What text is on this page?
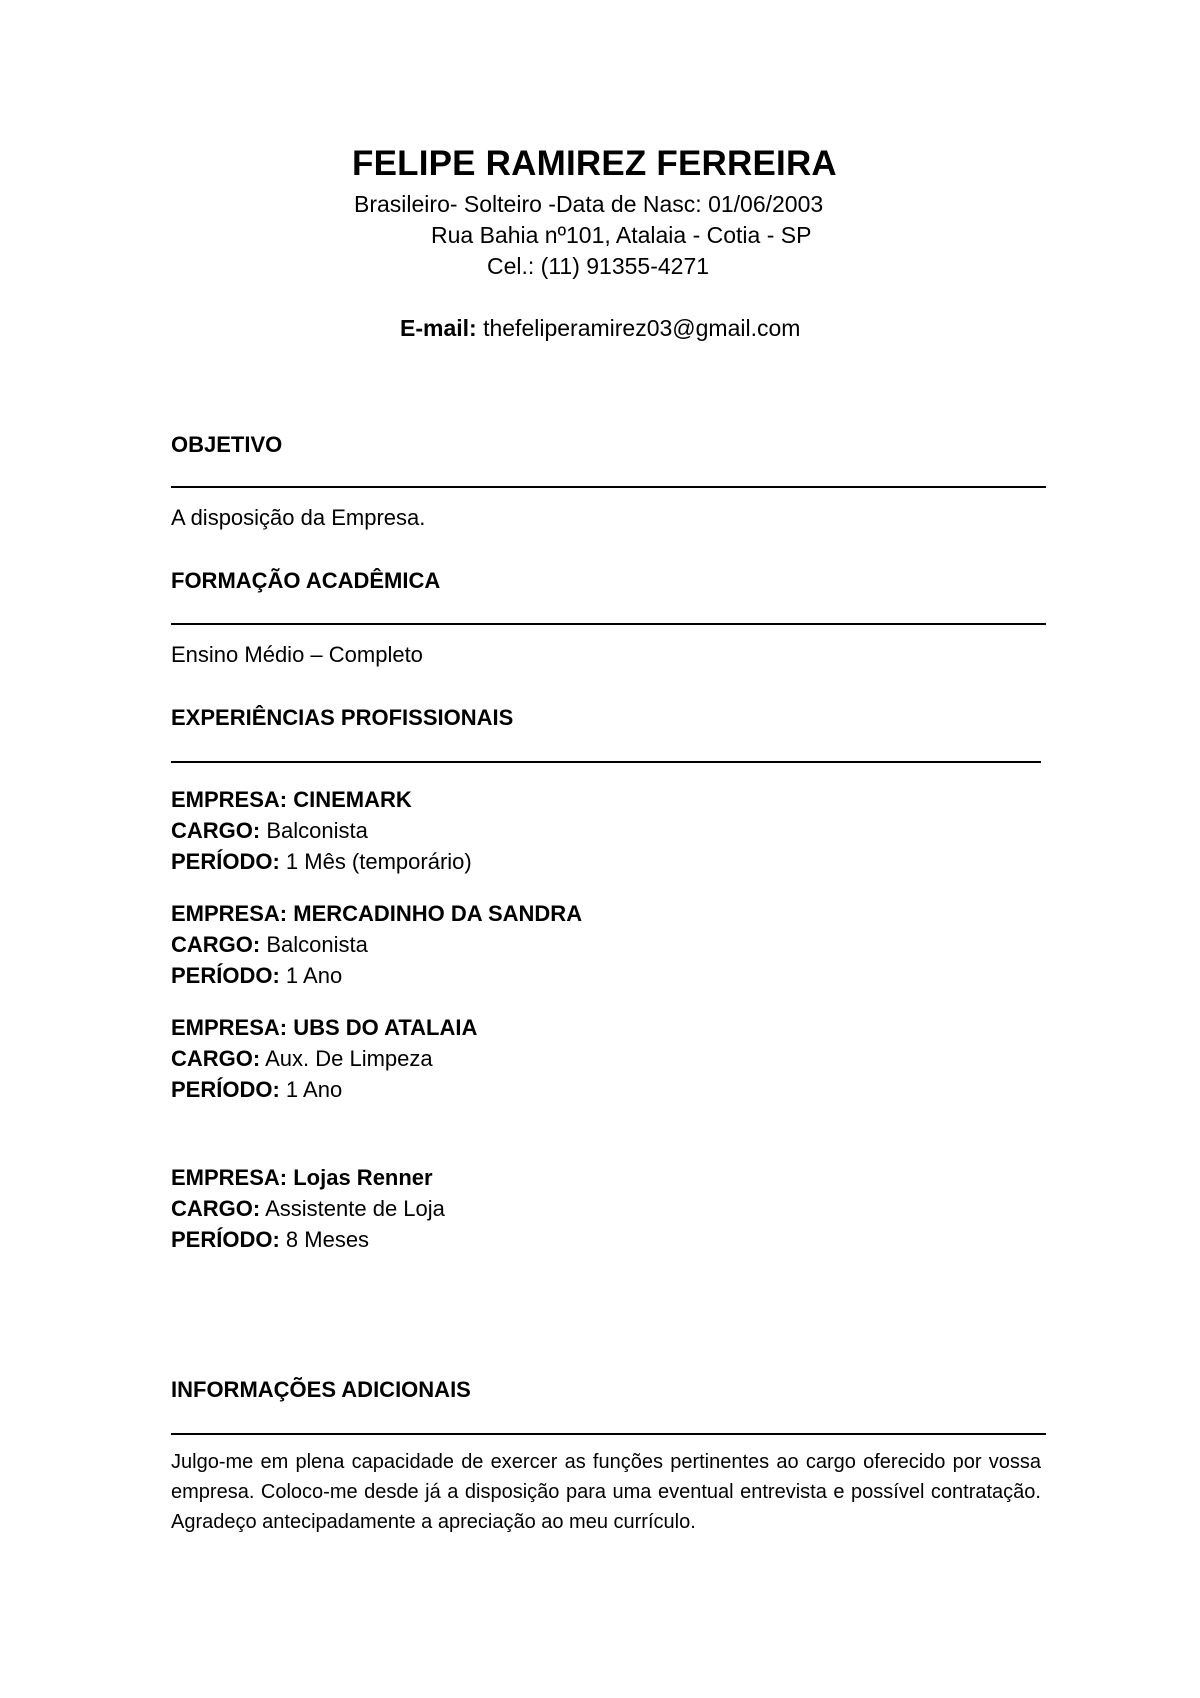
FELIPE RAMIREZ FERREIRA
Brasileiro- Solteiro -Data de Nasc: 01/06/2003
Rua Bahia nº101, Atalaia - Cotia - SP
Cel.: (11) 91355-4271
E-mail: thefeliperamirez03@gmail.com
OBJETIVO
A disposição da Empresa.
FORMAÇÃO ACADÊMICA
Ensino Médio – Completo
EXPERIÊNCIAS PROFISSIONAIS
EMPRESA: CINEMARK
CARGO: Balconista
PERÍODO: 1 Mês (temporário)
EMPRESA: MERCADINHO DA SANDRA
CARGO: Balconista
PERÍODO: 1 Ano
EMPRESA: UBS DO ATALAIA
CARGO: Aux. De Limpeza
PERÍODO: 1 Ano
EMPRESA: Lojas Renner
CARGO: Assistente de Loja
PERÍODO: 8 Meses
INFORMAÇÕES ADICIONAIS
Julgo-me em plena capacidade de exercer as funções pertinentes ao cargo oferecido por vossa empresa. Coloco-me desde já a disposição para uma eventual entrevista e possível contratação. Agradeço antecipadamente a apreciação ao meu currículo.
